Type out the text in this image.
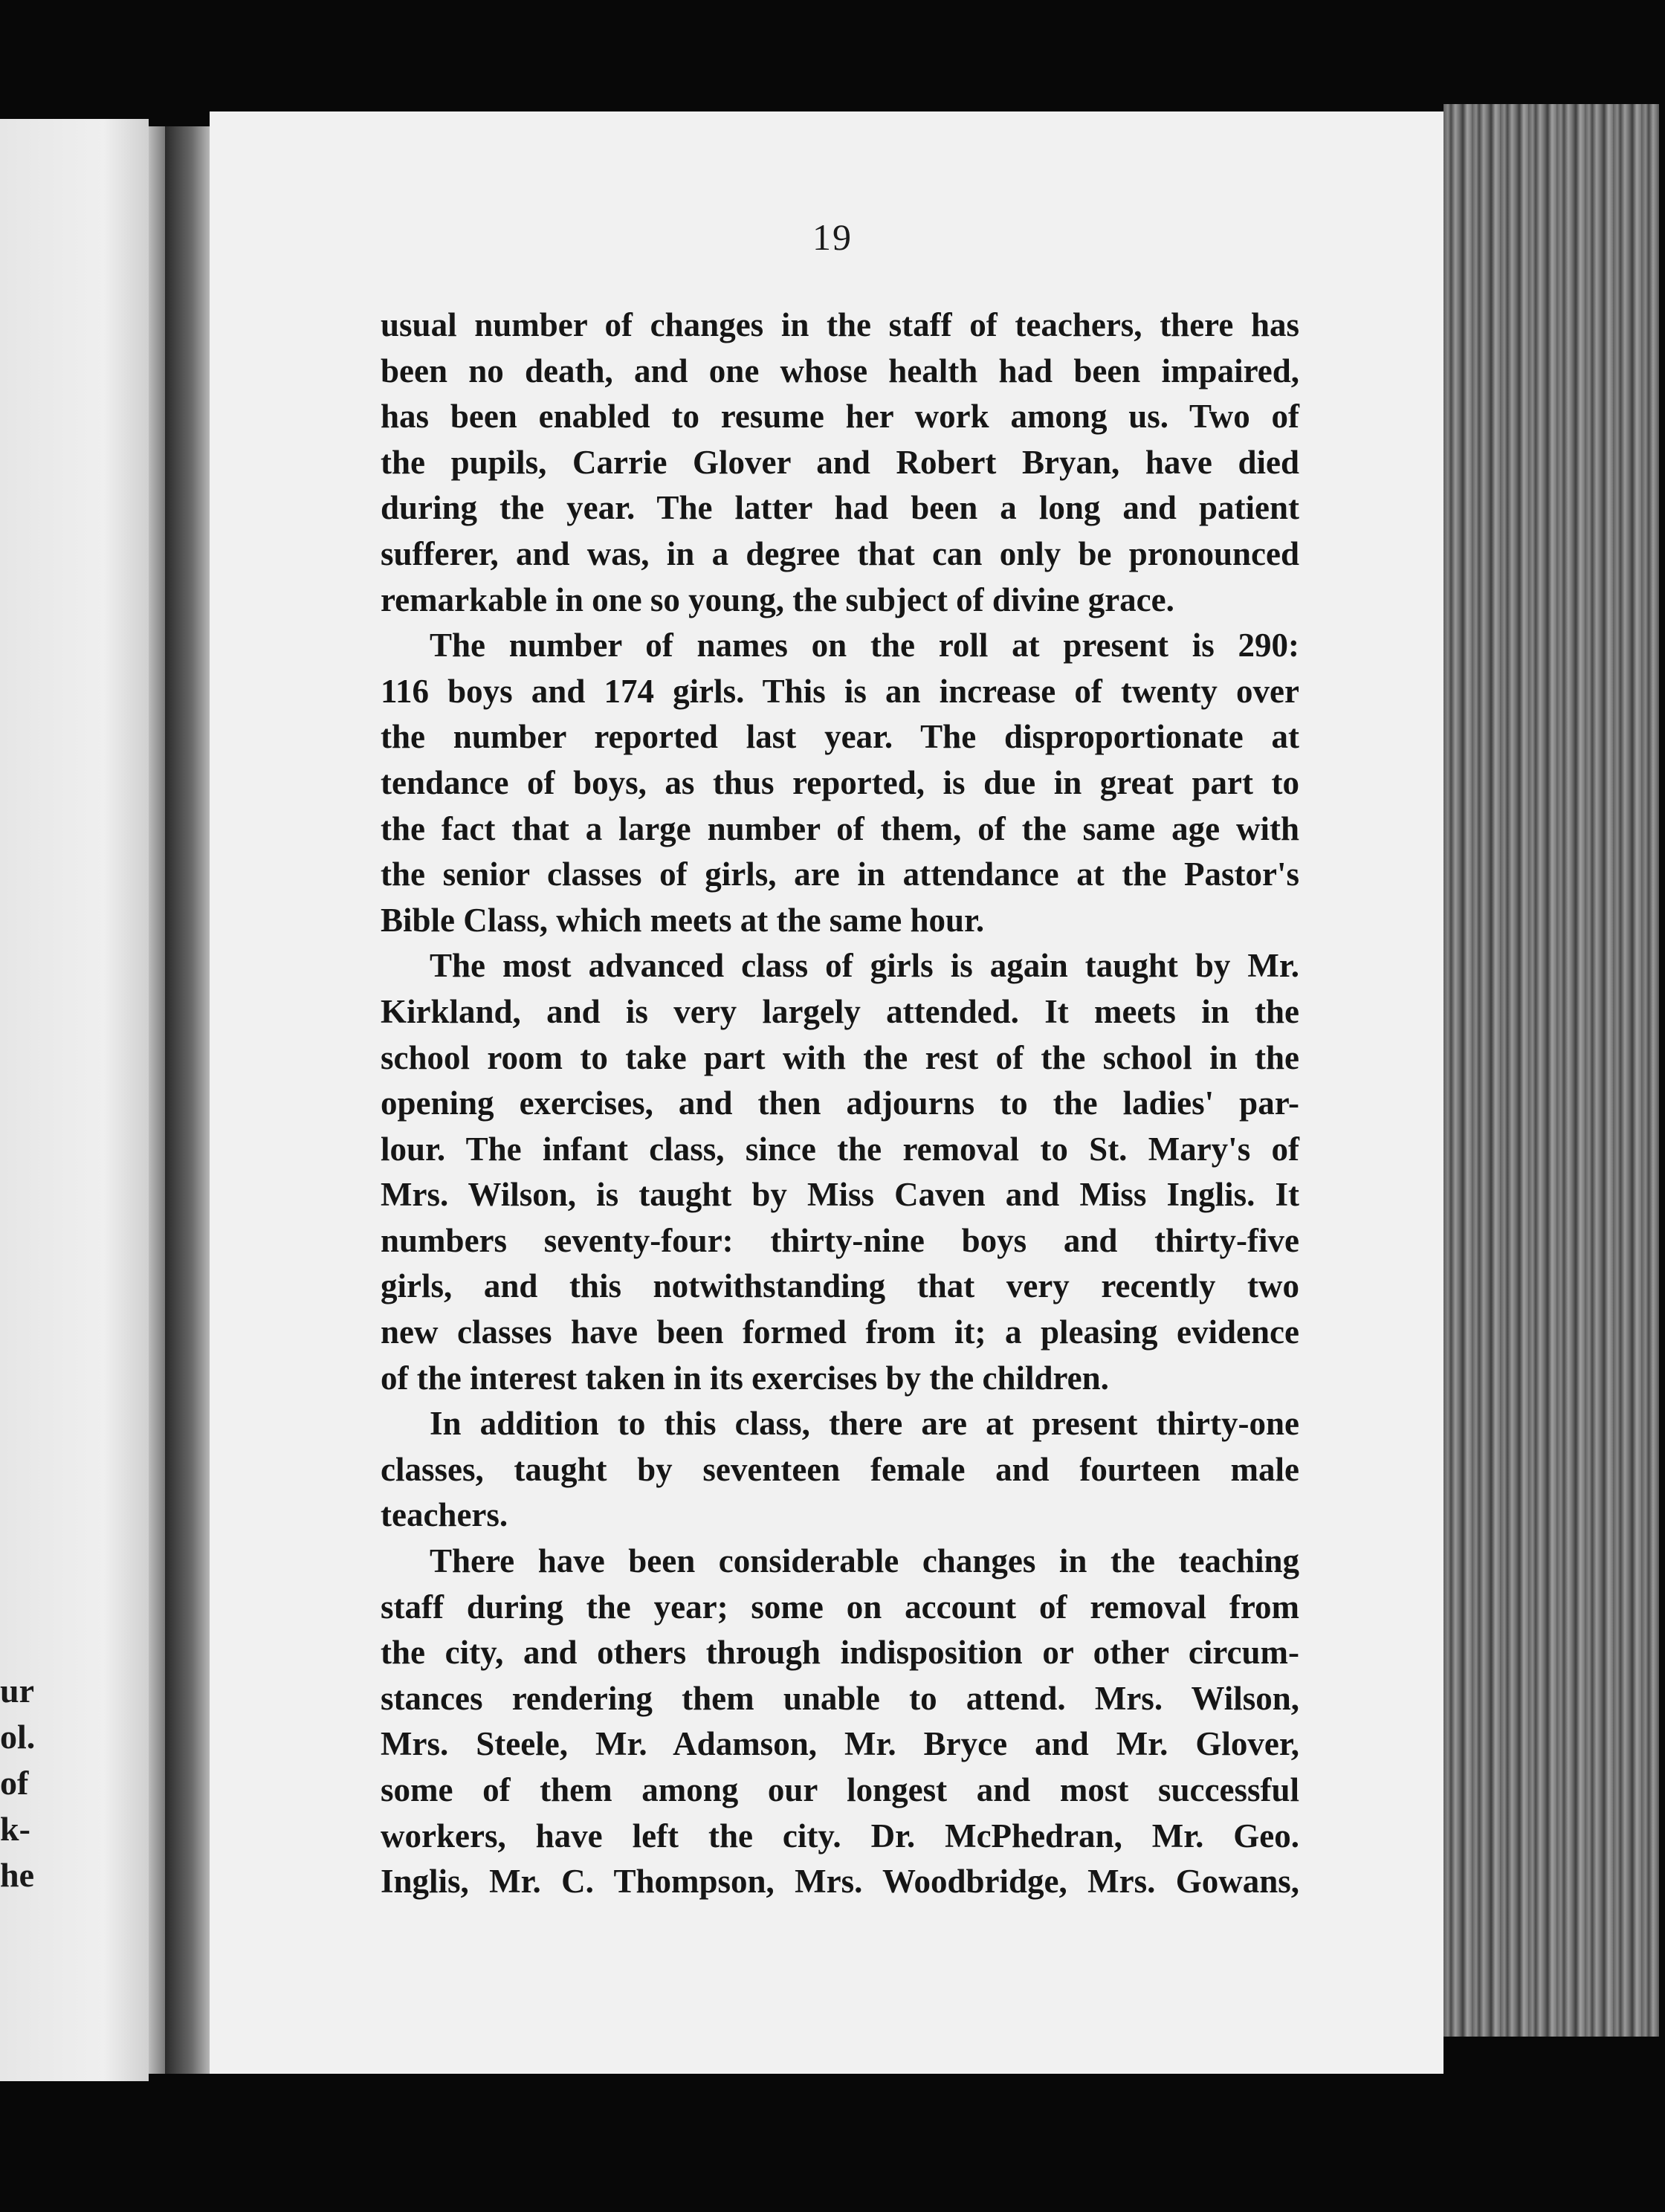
ur
ol.
of
k-
he
19
usual number of changes in the staff of teachers, there has
been no death, and one whose health had been impaired,
has been enabled to resume her work among us. Two of
the pupils, Carrie Glover and Robert Bryan, have died
during the year. The latter had been a long and patient
sufferer, and was, in a degree that can only be pronounced
remarkable in one so young, the subject of divine grace.
The number of names on the roll at present is 290:
116 boys and 174 girls. This is an increase of twenty over
the number reported last year. The disproportionate at
tendance of boys, as thus reported, is due in great part to
the fact that a large number of them, of the same age with
the senior classes of girls, are in attendance at the Pastor's
Bible Class, which meets at the same hour.
The most advanced class of girls is again taught by Mr.
Kirkland, and is very largely attended. It meets in the
school room to take part with the rest of the school in the
opening exercises, and then adjourns to the ladies' par-
lour. The infant class, since the removal to St. Mary's of
Mrs. Wilson, is taught by Miss Caven and Miss Inglis. It
numbers seventy-four: thirty-nine boys and thirty-five
girls, and this notwithstanding that very recently two
new classes have been formed from it; a pleasing evidence
of the interest taken in its exercises by the children.
In addition to this class, there are at present thirty-one
classes, taught by seventeen female and fourteen male
teachers.
There have been considerable changes in the teaching
staff during the year; some on account of removal from
the city, and others through indisposition or other circum-
stances rendering them unable to attend. Mrs. Wilson,
Mrs. Steele, Mr. Adamson, Mr. Bryce and Mr. Glover,
some of them among our longest and most successful
workers, have left the city. Dr. McPhedran, Mr. Geo.
Inglis, Mr. C. Thompson, Mrs. Woodbridge, Mrs. Gowans,
